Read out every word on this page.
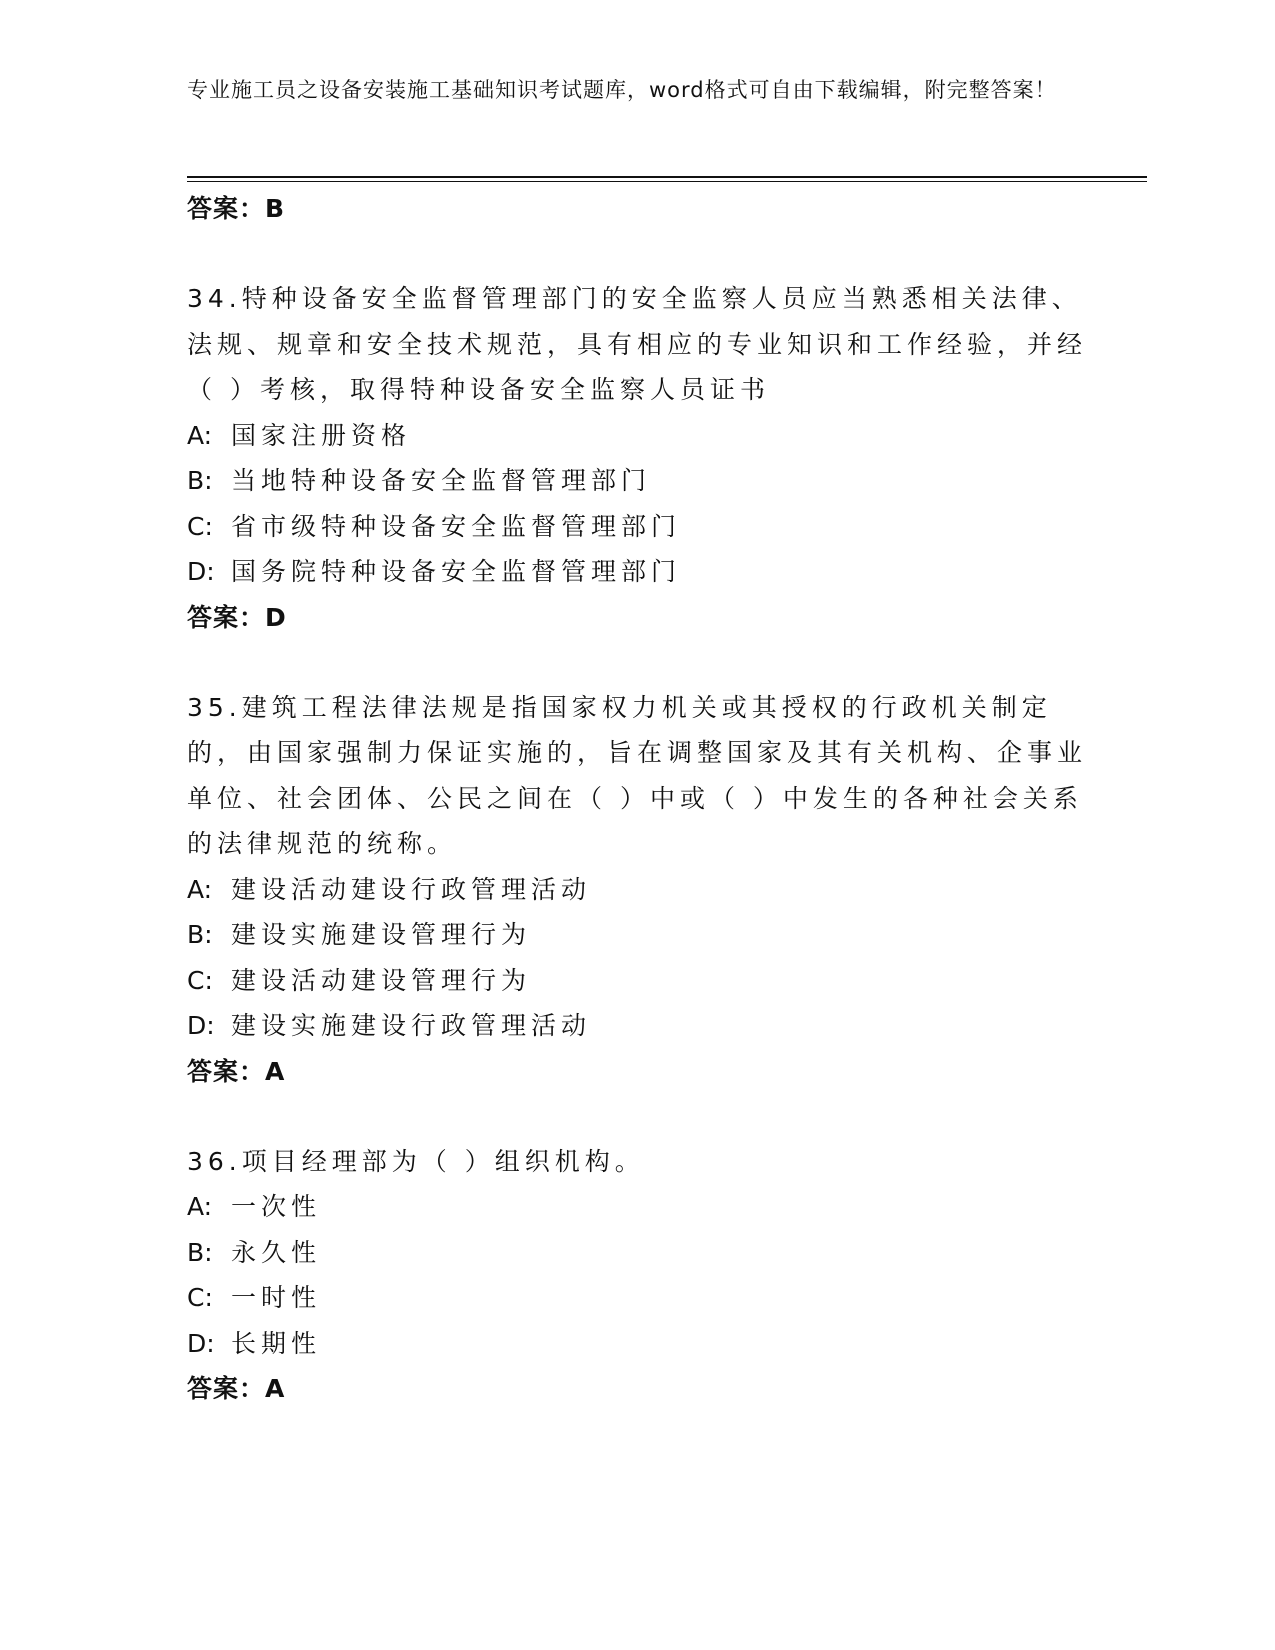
专业施工员之设备安装施工基础知识考试题库，word格式可自由下载编辑，附完整答案！
答案：B
34.特种设备安全监督管理部门的安全监察人员应当熟悉相关法律、法规、规章和安全技术规范，具有相应的专业知识和工作经验，并经（ ）考核，取得特种设备安全监察人员证书
A: 国家注册资格
B: 当地特种设备安全监督管理部门
C: 省市级特种设备安全监督管理部门
D: 国务院特种设备安全监督管理部门
答案：D
35.建筑工程法律法规是指国家权力机关或其授权的行政机关制定的，由国家强制力保证实施的，旨在调整国家及其有关机构、企事业单位、社会团体、公民之间在（ ）中或（ ）中发生的各种社会关系的法律规范的统称。
A: 建设活动建设行政管理活动
B: 建设实施建设管理行为
C: 建设活动建设管理行为
D: 建设实施建设行政管理活动
答案：A
36.项目经理部为（ ）组织机构。
A: 一次性
B: 永久性
C: 一时性
D: 长期性
答案：A
